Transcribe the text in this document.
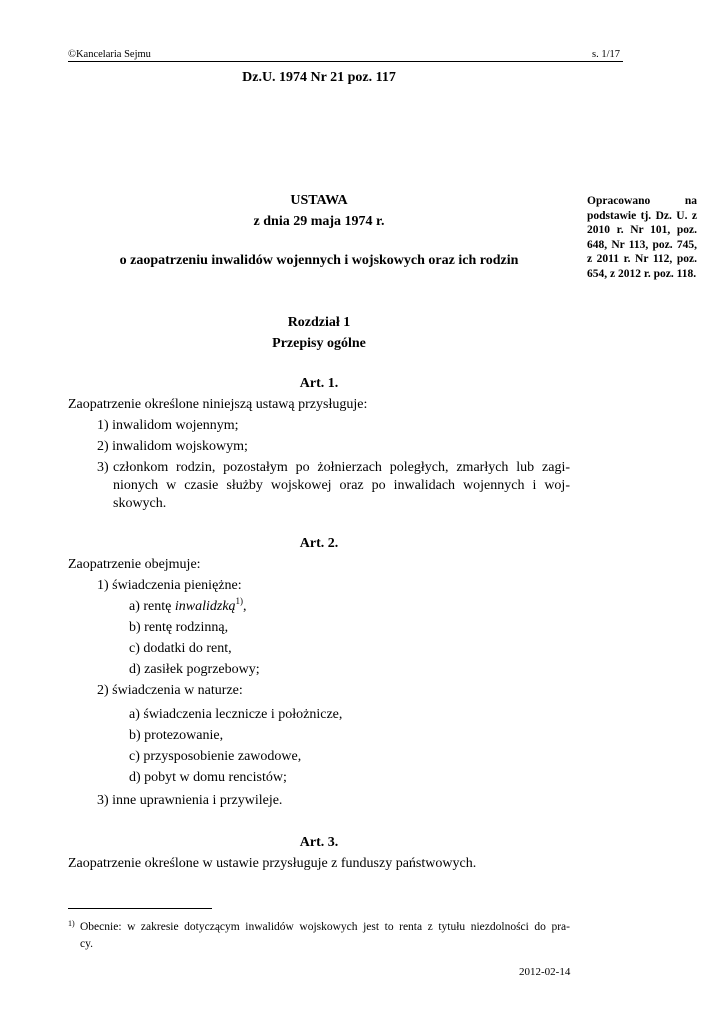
©Kancelaria Sejmu	s. 1/17
Dz.U. 1974 Nr 21 poz. 117
USTAWA
z dnia 29 maja 1974 r.
o zaopatrzeniu inwalidów wojennych i wojskowych oraz ich rodzin
Opracowano na podstawie tj. Dz. U. z 2010 r. Nr 101, poz. 648, Nr 113, poz. 745, z 2011 r. Nr 112, poz. 654, z 2012 r. poz. 118.
Rozdział 1
Przepisy ogólne
Art. 1.
Zaopatrzenie określone niniejszą ustawą przysługuje:
1) inwalidom wojennym;
2) inwalidom wojskowym;
3) członkom rodzin, pozostałym po żołnierzach poległych, zmarłych lub zagi-
nionych w czasie służby wojskowej oraz po inwalidach wojennych i woj-
skowych.
Art. 2.
Zaopatrzenie obejmuje:
1) świadczenia pieniężne:
a) rentę inwalidzką$^{1)}$,
b) rentę rodzinną,
c) dodatki do rent,
d) zasiłek pogrzebowy;
2) świadczenia w naturze:
a) świadczenia lecznicze i położnicze,
b) protezowanie,
c) przysposobienie zawodowe,
d) pobyt w domu rencistów;
3) inne uprawnienia i przywileje.
Art. 3.
Zaopatrzenie określone w ustawie przysługuje z funduszy państwowych.
1) Obecnie: w zakresie dotyczącym inwalidów wojskowych jest to renta z tytułu niezdolności do pra-
cy.
2012-02-14
